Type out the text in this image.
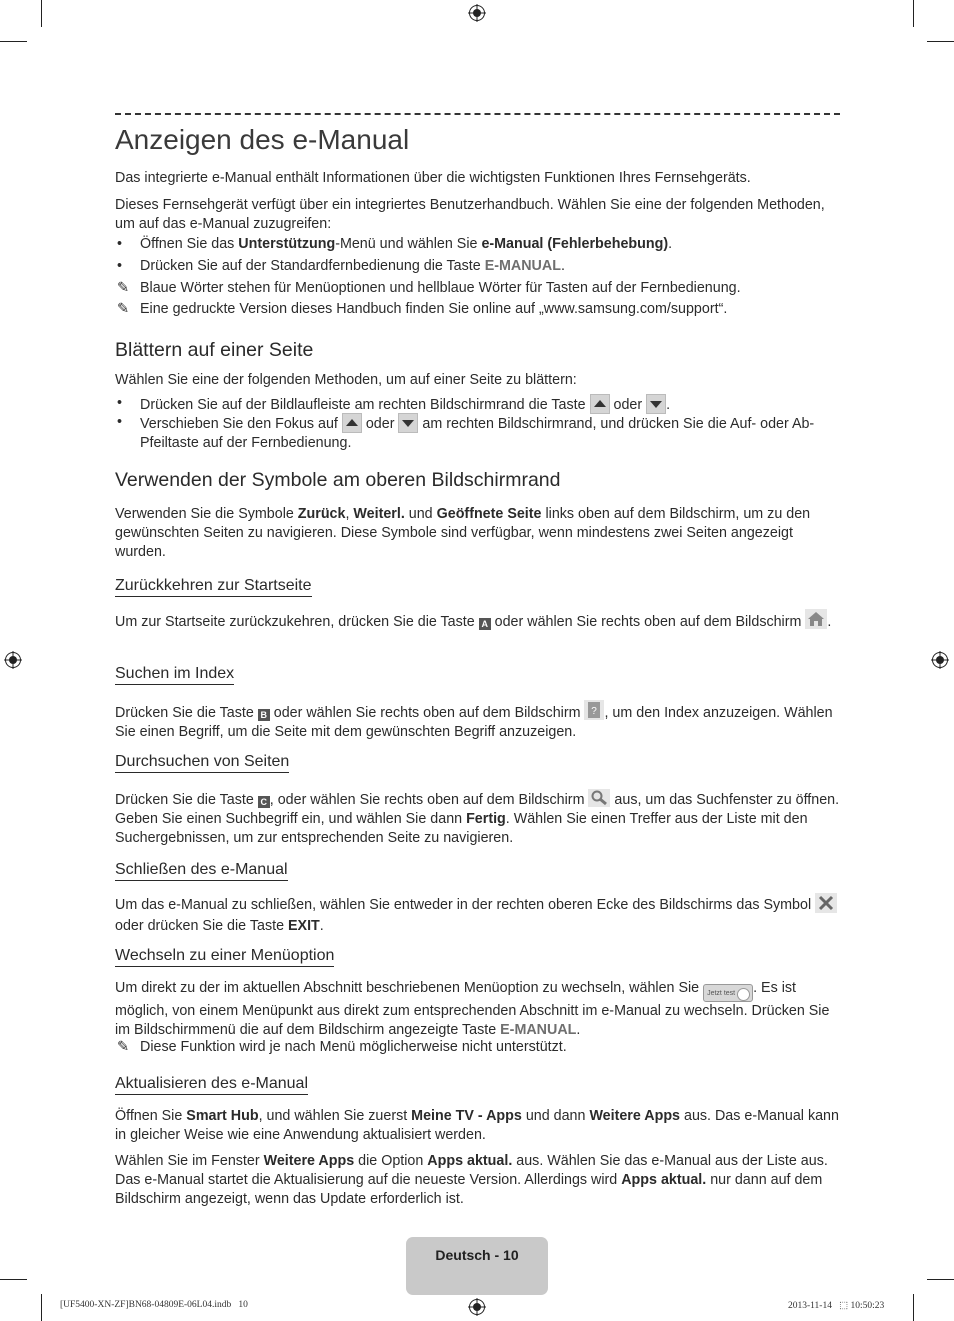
Anzeigen des e-Manual

Das integrierte e-Manual enthält Informationen über die wichtigsten Funktionen Ihres Fernsehgeräts.

Dieses Fernsehgerät verfügt über ein integriertes Benutzerhandbuch. Wählen Sie eine der folgenden Methoden, um auf das e-Manual zuzugreifen:

• Öffnen Sie das Unterstützung-Menü und wählen Sie e-Manual (Fehlerbehebung).
• Drücken Sie auf der Standardfernbedienung die Taste E-MANUAL.
✎ Blaue Wörter stehen für Menüoptionen und hellblaue Wörter für Tasten auf der Fernbedienung.
✎ Eine gedruckte Version dieses Handbuch finden Sie online auf „www.samsung.com/support“.
Blättern auf einer Seite

Wählen Sie eine der folgenden Methoden, um auf einer Seite zu blättern:

• Drücken Sie auf der Bildlaufleiste am rechten Bildschirmrand die Taste
oder
.
• Verschieben Sie den Fokus auf
oder
am rechten Bildschirmrand, und drücken Sie die Auf- oder Ab-Pfeiltaste auf der Fernbedienung.
Verwenden der Symbole am oberen Bildschirmrand

Verwenden Sie die Symbole Zurück, Weiterl. und Geöffnete Seite links oben auf dem Bildschirm, um zu den gewünschten Seiten zu navigieren. Diese Symbole sind verfügbar, wenn mindestens zwei Seiten angezeigt wurden.

Zurückkehren zur Startseite

Um zur Startseite zurückzukehren, drücken Sie die Taste A oder wählen Sie rechts oben auf dem Bildschirm .

Suchen im Index

Drücken Sie die Taste B oder wählen Sie rechts oben auf dem Bildschirm ? , um den Index anzuzeigen. Wählen Sie einen Begriff, um die Seite mit dem gewünschten Begriff anzuzeigen.

Durchsuchen von Seiten

Drücken Sie die Taste C , oder wählen Sie rechts oben auf dem Bildschirm  aus, um das Suchfenster zu öffnen. Geben Sie einen Suchbegriff ein, und wählen Sie dann Fertig. Wählen Sie einen Treffer aus der Liste mit den Suchergebnissen, um zur entsprechenden Seite zu navigieren.

Schließen des e-Manual

Um das e-Manual zu schließen, wählen Sie entweder in der rechten oberen Ecke des Bildschirms das Symbol  oder drücken Sie die Taste EXIT.

Wechseln zu einer Menüoption

Um direkt zu der im aktuellen Abschnitt beschriebenen Menüoption zu wechseln, wählen Sie Jetzt test . Es ist möglich, von einem Menüpunkt aus direkt zum entsprechenden Abschnitt im e-Manual zu wechseln. Drücken Sie im Bildschirmmenü die auf dem Bildschirm angezeigte Taste E-MANUAL.

✎ Diese Funktion wird je nach Menü möglicherweise nicht unterstützt.
Aktualisieren des e-Manual

Öffnen Sie Smart Hub, und wählen Sie zuerst Meine TV - Apps und dann Weitere Apps aus. Das e-Manual kann in gleicher Weise wie eine Anwendung aktualisiert werden.

Wählen Sie im Fenster Weitere Apps die Option Apps aktual. aus. Wählen Sie das e-Manual aus der Liste aus. Das e-Manual startet die Aktualisierung auf die neueste Version. Allerdings wird Apps aktual. nur dann auf dem Bildschirm angezeigt, wenn das Update erforderlich ist.

Deutsch - 10
[UF5400-XN-ZF]BN68-04809E-06L04.indb   10	2013-11-14   ⬚ 10:50:23
